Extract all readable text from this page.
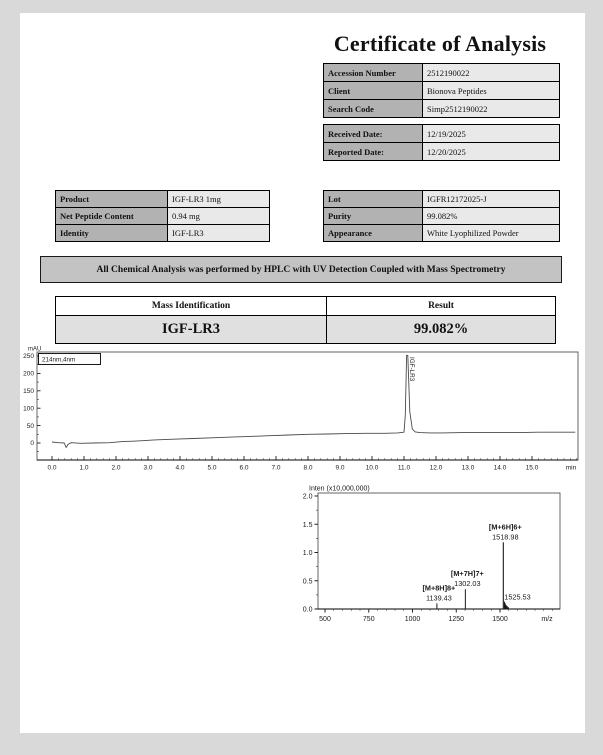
Certificate of Analysis
Accession Number	2512190022
Client	Bionova Peptides
Search Code	Simp2512190022
Received Date:	12/19/2025
Reported Date:	12/20/2025
Product	IGF-LR3 1mg
Net Peptide Content	0.94 mg
Identity	IGF-LR3
Lot	IGFR12172025-J
Purity	99.082%
Appearance	White Lyophilized Powder
All Chemical Analysis was performed by HPLC with UV Detection Coupled with Mass Spectrometry
Mass Identification	Result
IGF-LR3	99.082%
0
50
100
150
200
250
mAU
0.0	1.0	2.0	3.0	4.0	5.0	6.0	7.0	8.0	9.0	10.0	11.0	12.0	13.0	14.0	15.0	min
214nm,4nm	IGF-LR3
Inten (x10,000,000)
0.0
0.5
1.0
1.5
2.0
500	750	1000	1250	1500	m/z
[M+8H]8+
1139.43
[M+7H]7+
1302.03
[M+6H]6+
1518.98
1525.53
